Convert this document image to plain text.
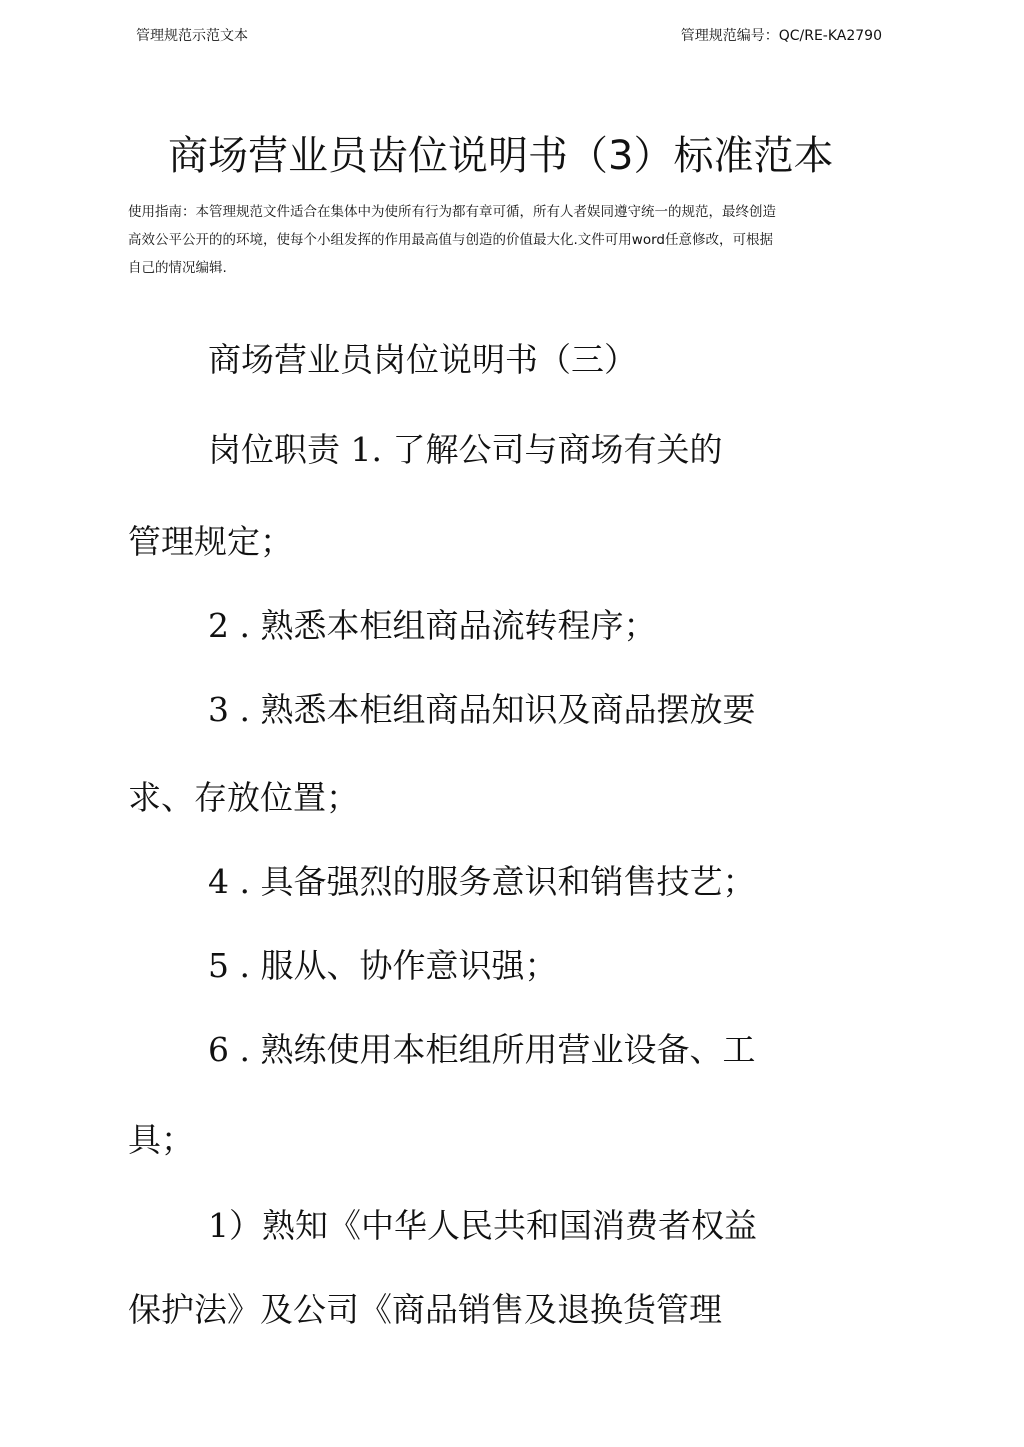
管理规范示范文本	管理规范编号：QC/RE-KA2790
商场营业员齿位说明书（3）标准范本
使用指南：本管理规范文件适合在集体中为使所有行为都有章可循，所有人者娱同遵守统一的规范，最终创造
高效公平公开的的环境，使每个小组发挥的作用最高值与创造的价值最大化.文件可用word任意修改，可根据
自己的情况编辑.

商场营业员岗位说明书（三）

岗位职责 1. 了解公司与商场有关的

管理规定；

2 . 熟悉本柜组商品流转程序；

3 . 熟悉本柜组商品知识及商品摆放要

求、存放位置；

4 . 具备强烈的服务意识和销售技艺；

5 . 服从、协作意识强；

6 . 熟练使用本柜组所用营业设备、工

具；

1）熟知《中华人民共和国消费者权益

保护法》及公司《商品销售及退换货管理
